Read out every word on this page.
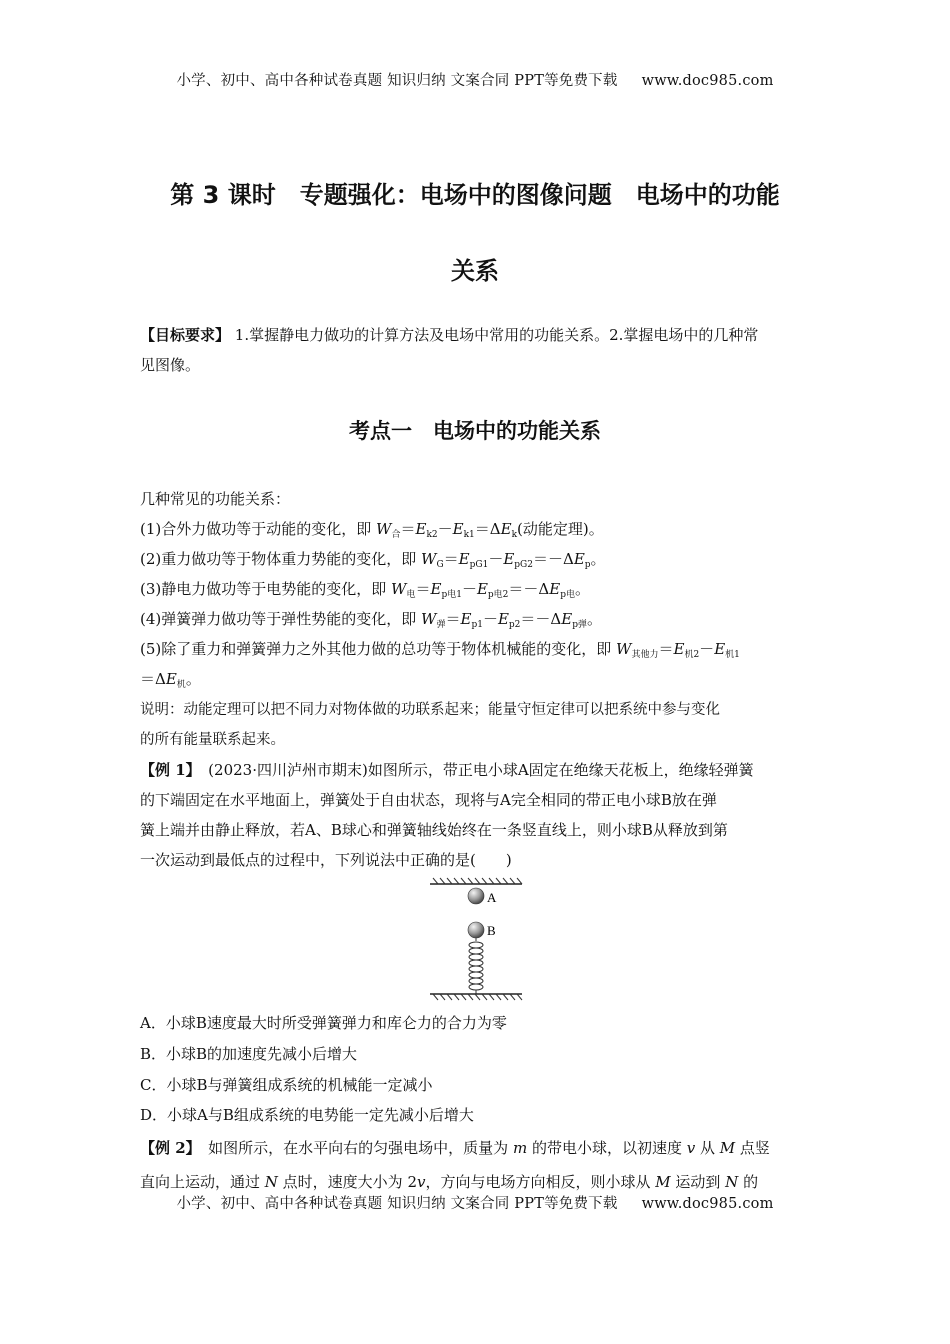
小学、初中、高中各种试卷真题 知识归纳 文案合同 PPT等免费下载 www.doc985.com
第 3 课时　专题强化：电场中的图像问题　电场中的功能
关系
【目标要求】 1.掌握静电力做功的计算方法及电场中常用的功能关系。2.掌握电场中的几种常
见图像。
考点一　电场中的功能关系
几种常见的功能关系：
(1)合外力做功等于动能的变化，即 $W_合=E_{k2}-E_{k1}=\Delta E_k$(动能定理)。
(2)重力做功等于物体重力势能的变化，即 $W_G=E_{pG1}-E_{pG2}=-\Delta E_p$。
(3)静电力做功等于电势能的变化，即 $W_电=E_{p电1}-E_{p电2}=-\Delta E_{p电}$。
(4)弹簧弹力做功等于弹性势能的变化，即 $W_弹=E_{p1}-E_{p2}=-\Delta E_{p弹}$。
(5)除了重力和弹簧弹力之外其他力做的总功等于物体机械能的变化，即 $W_{其他力}=E_{机2}-E_{机1}$
$=\Delta E_机$。
说明：动能定理可以把不同力对物体做的功联系起来；能量守恒定律可以把系统中参与变化
的所有能量联系起来。
【例 1】　(2023·四川泸州市期末)如图所示，带正电小球A固定在绝缘天花板上，绝缘轻弹簧
的下端固定在水平地面上，弹簧处于自由状态，现将与A完全相同的带正电小球B放在弹
簧上端并由静止释放，若A、B球心和弹簧轴线始终在一条竖直线上，则小球B从释放到第
一次运动到最低点的过程中，下列说法中正确的是(　　)
A
B
A．小球B速度最大时所受弹簧弹力和库仑力的合力为零
B．小球B的加速度先减小后增大
C．小球B与弹簧组成系统的机械能一定减小
D．小球A与B组成系统的电势能一定先减小后增大
【例 2】　如图所示，在水平向右的匀强电场中，质量为 m 的带电小球，以初速度 v 从 M 点竖
直向上运动，通过 N 点时，速度大小为 2v，方向与电场方向相反，则小球从 M 运动到 N 的
小学、初中、高中各种试卷真题 知识归纳 文案合同 PPT等免费下载 www.doc985.com
